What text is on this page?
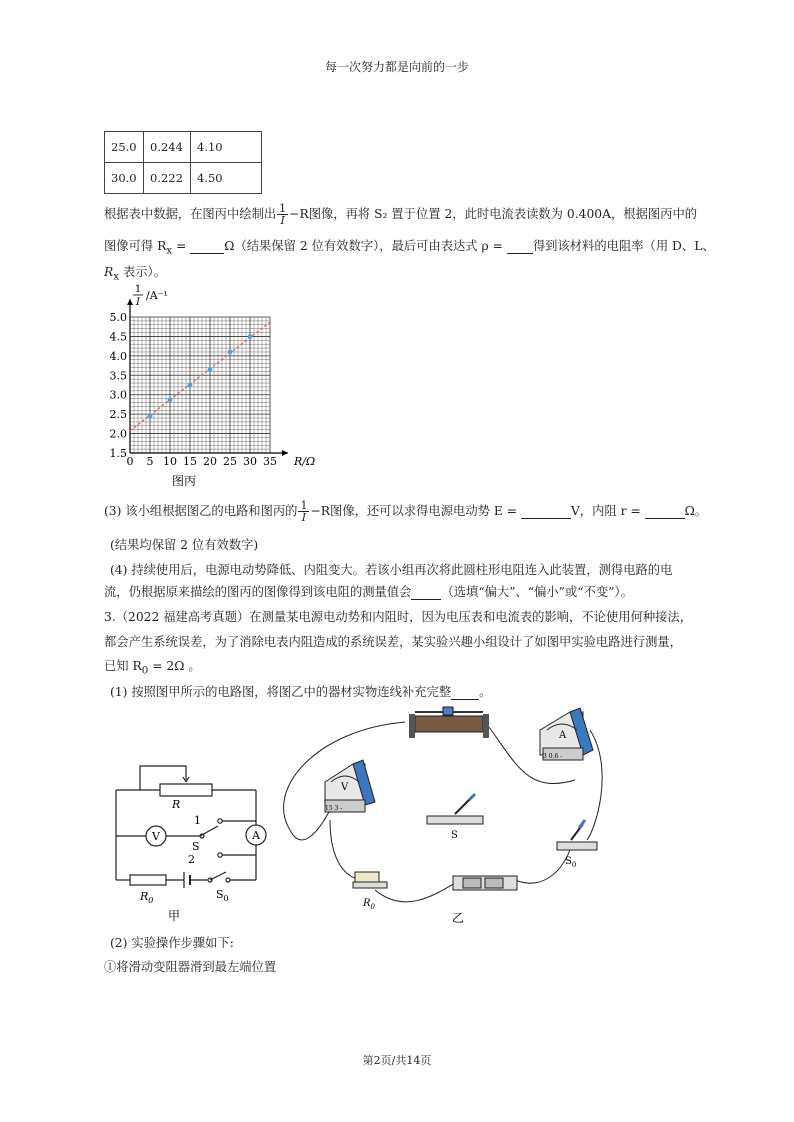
每一次努力都是向前的一步
25.0	0.244	4.10
30.0	0.222	4.50
根据表中数据，在图丙中绘制出 $\frac{1}{I}-R$图像，再将 S₂ 置于位置 2，此时电流表读数为 0.400A，根据图丙中的
图像可得 $R_x$ =	Ω（结果保留 2 位有效数字），最后可由表达式 ρ =  得到该材料的电阻率（用 D、L、
$R_x$ 表示）。
0 5 10 15 20 25 30 35
1.5
2.0
2.5
3.0
3.5
4.0
4.5
5.0
R/Ω
1
I
/A⁻¹
图丙
(3) 该小组根据图乙的电路和图丙的 $\frac{1}{I}-R$图像，还可以求得电源电动势 E =	V，内阻 r =	Ω。
(结果均保留 2 位有效数字)
(4) 持续使用后，电源电动势降低、内阻变大。若该小组再次将此圆柱形电阻连入此装置，测得电路的电
流，仍根据原来描绘的图丙的图像得到该电阻的测量值会 （选填“偏大”、“偏小”或“不变”）。
3.（2022 福建高考真题）在测量某电源电动势和内阻时，因为电压表和电流表的影响，不论使用何种接法，
都会产生系统误差，为了消除电表内阻造成的系统误差，某实验兴趣小组设计了如图甲实验电路进行测量，
已知 $R_0 = 2\Omega$ 。
(1) 按照图甲所示的电路图，将图乙中的器材实物连线补充完整 。
R
V	A
1
S
2
$R_0$	$S_0$
甲
A
3 0.6 -
V
15 3 -
S
$S_0$
$R_0$
乙
(2) 实验操作步骤如下:
①将滑动变阻器滑到最左端位置
第2页/共14页
